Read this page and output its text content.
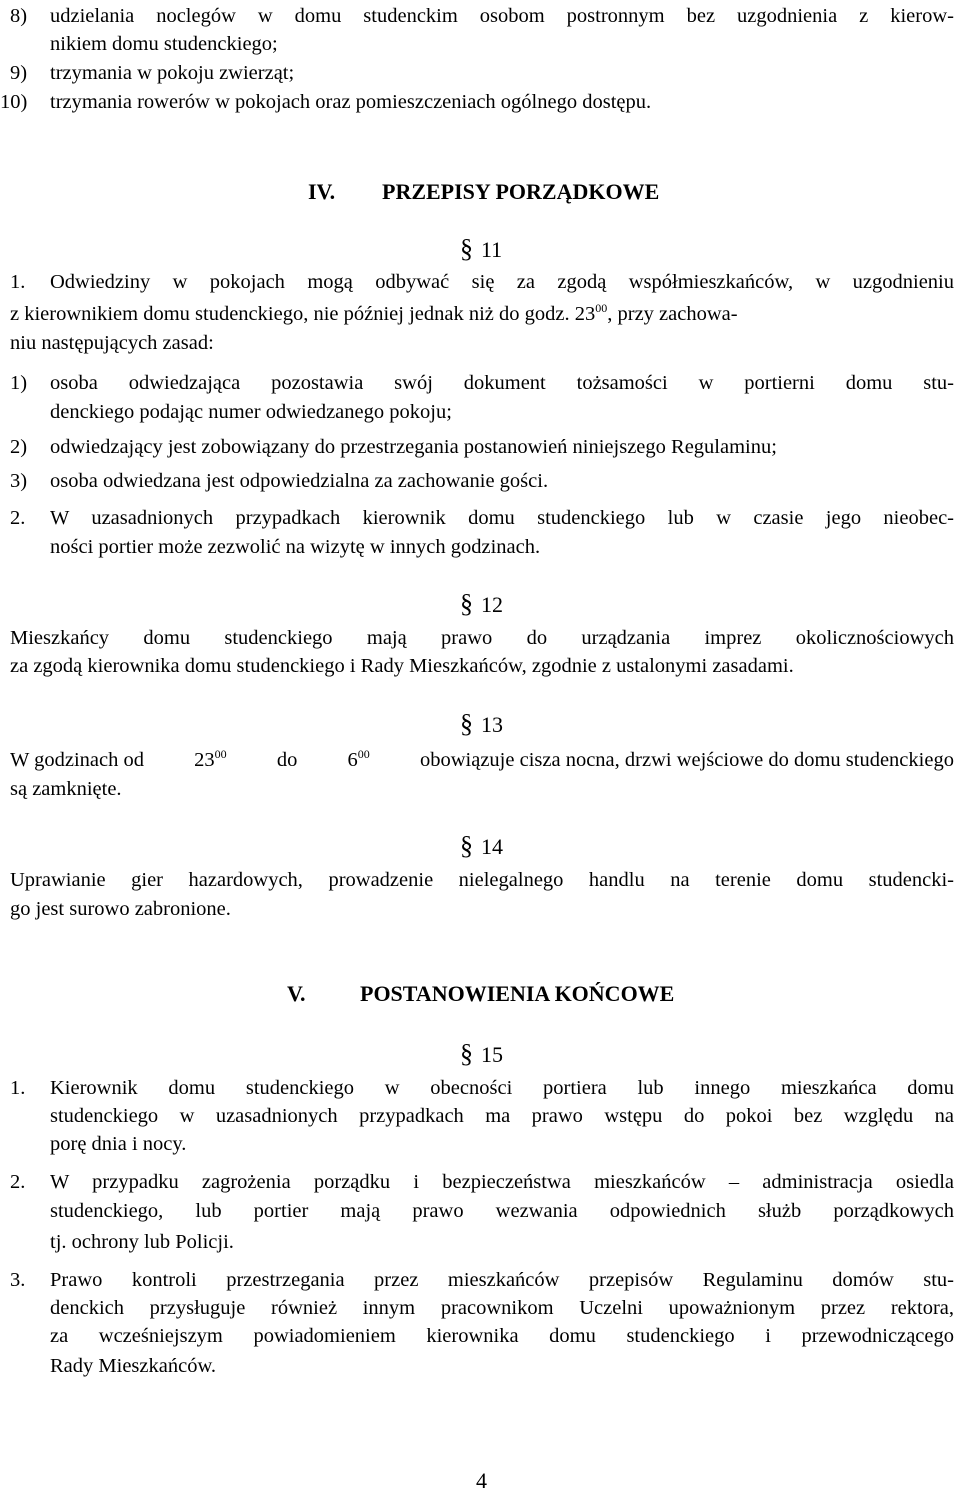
8) udzielania noclegów w domu studenckim osobom postronnym bez uzgodnienia z kierow-
nikiem domu studenckiego;
9) trzymania w pokoju zwierząt;
10) trzymania rowerów w pokojach oraz pomieszczeniach ogólnego dostępu.
IV. PRZEPISY PORZĄDKOWE
§ 11
1. Odwiedziny w pokojach mogą odbywać się za zgodą współmieszkańców, w uzgodnieniu
z kierownikiem domu studenckiego, nie później jednak niż do godz. $23^{00}$, przy zachowa-
niu następujących zasad:
1) osoba odwiedzająca pozostawia swój dokument tożsamości w portierni domu stu-
denckiego podając numer odwiedzanego pokoju;
2) odwiedzający jest zobowiązany do przestrzegania postanowień niniejszego Regulaminu;
3) osoba odwiedzana jest odpowiedzialna za zachowanie gości.
2. W uzasadnionych przypadkach kierownik domu studenckiego lub w czasie jego nieobec-
ności portier może zezwolić na wizytę w innych godzinach.
§ 12
Mieszkańcy domu studenckiego mają prawo do urządzania imprez okolicznościowych
za zgodą kierownika domu studenckiego i Rady Mieszkańców, zgodnie z ustalonymi zasadami.
§ 13
W godzinach od $23^{00}$ do $6^{00}$ obowiązuje cisza nocna, drzwi wejściowe do domu studenckiego
są zamknięte.
§ 14
Uprawianie gier hazardowych, prowadzenie nielegalnego handlu na terenie domu studencki-
go jest surowo zabronione.
V. POSTANOWIENIA KOŃCOWE
§ 15
1. Kierownik domu studenckiego w obecności portiera lub innego mieszkańca domu
studenckiego w uzasadnionych przypadkach ma prawo wstępu do pokoi bez względu na
porę dnia i nocy.
2. W przypadku zagrożenia porządku i bezpieczeństwa mieszkańców – administracja osiedla
studenckiego, lub portier mają prawo wezwania odpowiednich służb porządkowych
tj. ochrony lub Policji.
3. Prawo kontroli przestrzegania przez mieszkańców przepisów Regulaminu domów stu-
denckich przysługuje również innym pracownikom Uczelni upoważnionym przez rektora,
za wcześniejszym powiadomieniem kierownika domu studenckiego i przewodniczącego
Rady Mieszkańców.
4
